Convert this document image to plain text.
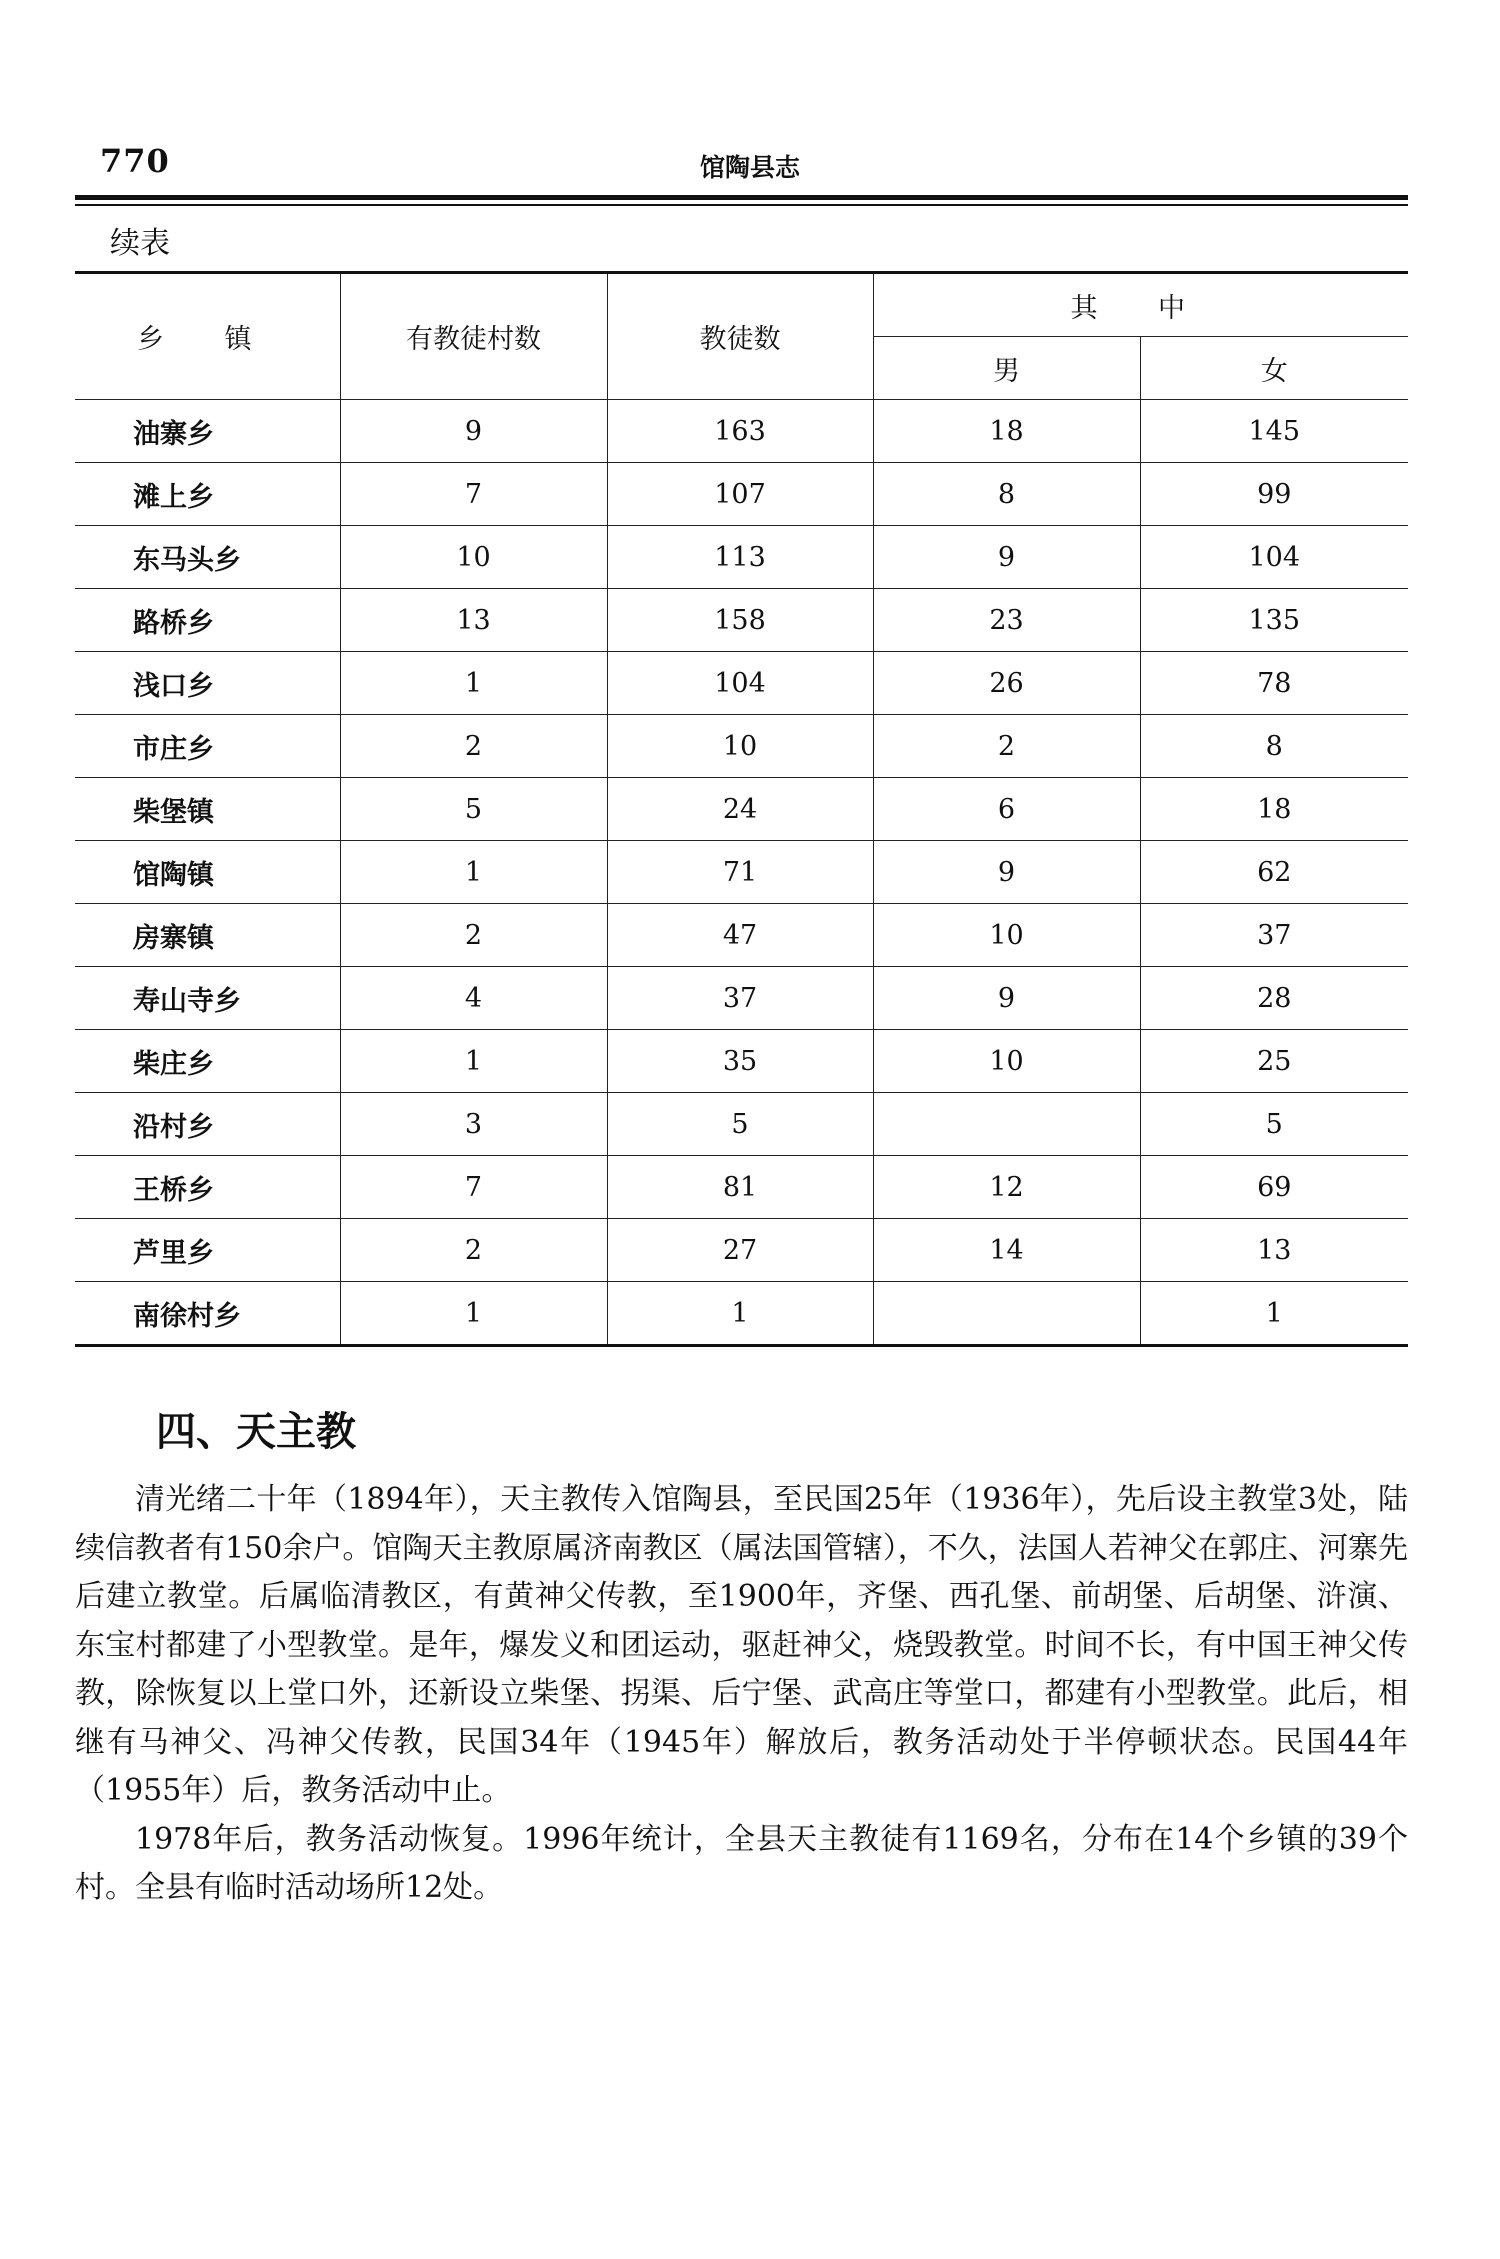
770	馆陶县志
续表
乡 镇	有教徒村数	教徒数	其 中	
			男	女
油寨乡	9	163	18	145
滩上乡	7	107	8	99
东马头乡	10	113	9	104
路桥乡	13	158	23	135
浅口乡	1	104	26	78
市庄乡	2	10	2	8
柴堡镇	5	24	6	18
馆陶镇	1	71	9	62
房寨镇	2	47	10	37
寿山寺乡	4	37	9	28
柴庄乡	1	35	10	25
沿村乡	3	5		5
王桥乡	7	81	12	69
芦里乡	2	27	14	13
南徐村乡	1	1		1
四、天主教

清光绪二十年（1894年），天主教传入馆陶县，至民国25年（1936年），先后设主教堂3处，陆续信教者有150余户。馆陶天主教原属济南教区（属法国管辖），不久，法国人若神父在郭庄、河寨先后建立教堂。后属临清教区，有黄神父传教，至1900年，齐堡、西孔堡、前胡堡、后胡堡、浒演、东宝村都建了小型教堂。是年，爆发义和团运动，驱赶神父，烧毁教堂。时间不长，有中国王神父传教，除恢复以上堂口外，还新设立柴堡、拐渠、后宁堡、武高庄等堂口，都建有小型教堂。此后，相继有马神父、冯神父传教，民国34年（1945年）解放后，教务活动处于半停顿状态。民国44年（1955年）后，教务活动中止。

1978年后，教务活动恢复。1996年统计，全县天主教徒有1169名，分布在14个乡镇的39个村。全县有临时活动场所12处。
